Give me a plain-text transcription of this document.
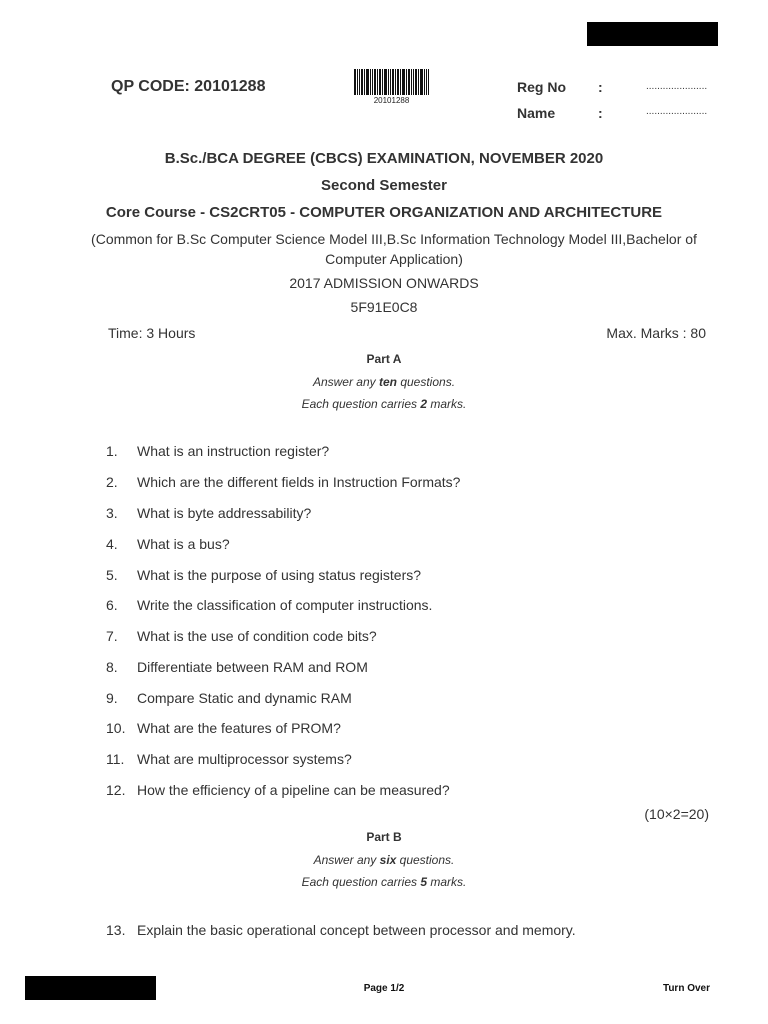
QP CODE: 20101288
20101288
Reg No :	......................
Name	:	......................
B.Sc./BCA DEGREE (CBCS) EXAMINATION, NOVEMBER 2020
Second Semester
Core Course - CS2CRT05 - COMPUTER ORGANIZATION AND ARCHITECTURE
(Common for B.Sc Computer Science Model III,B.Sc Information Technology Model III,Bachelor of Computer Application)
2017 ADMISSION ONWARDS
5F91E0C8
Time: 3 Hours	Max. Marks : 80
Part A
Answer any ten questions.
Each question carries 2 marks.
1. What is an instruction register?
2. Which are the different fields in Instruction Formats?
3. What is byte addressability?
4. What is a bus?
5. What is the purpose of using status registers?
6. Write the classification of computer instructions.
7. What is the use of condition code bits?
8. Differentiate between RAM and ROM
9. Compare Static and dynamic RAM
10. What are the features of PROM?
11. What are multiprocessor systems?
12. How the efficiency of a pipeline can be measured?
(10×2=20)
Part B
Answer any six questions.
Each question carries 5 marks.
13. Explain the basic operational concept between processor and memory.
Page 1/2	Turn Over
